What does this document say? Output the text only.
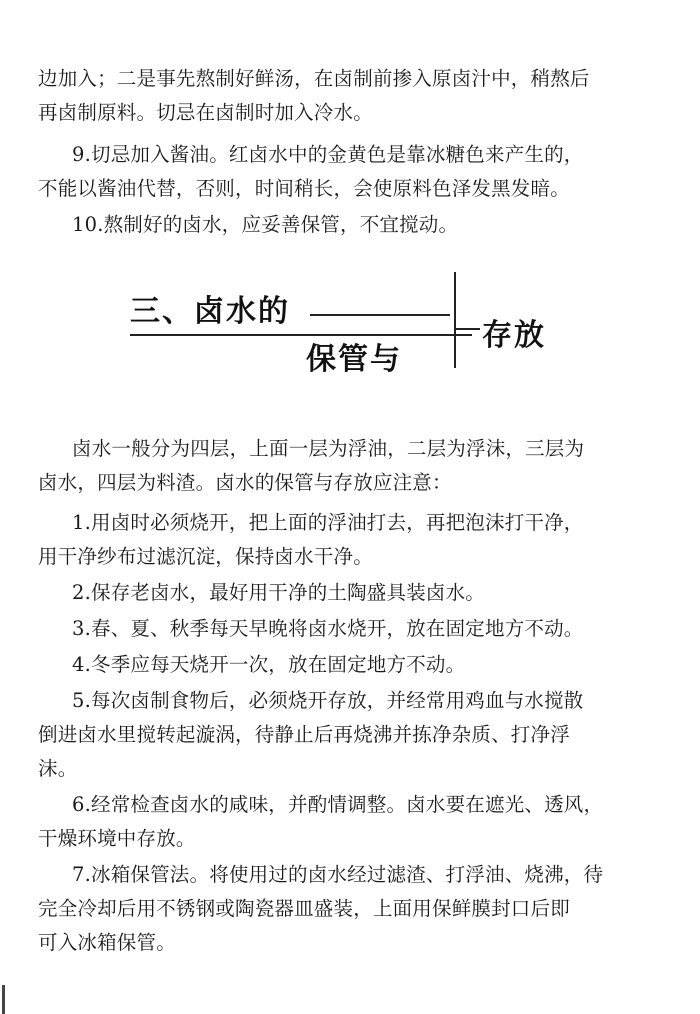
边加入；二是事先熬制好鲜汤，在卤制前掺入原卤汁中，稍熬后
再卤制原料。切忌在卤制时加入冷水。

9.切忌加入酱油。红卤水中的金黄色是靠冰糖色来产生的，
不能以酱油代替，否则，时间稍长，会使原料色泽发黑发暗。

10.熬制好的卤水，应妥善保管，不宜搅动。

三、卤水的
保管与
存放

卤水一般分为四层，上面一层为浮油，二层为浮沫，三层为
卤水，四层为料渣。卤水的保管与存放应注意：

1.用卤时必须烧开，把上面的浮油打去，再把泡沫打干净，
用干净纱布过滤沉淀，保持卤水干净。

2.保存老卤水，最好用干净的土陶盛具装卤水。

3.春、夏、秋季每天早晚将卤水烧开，放在固定地方不动。

4.冬季应每天烧开一次，放在固定地方不动。

5.每次卤制食物后，必须烧开存放，并经常用鸡血与水搅散
倒进卤水里搅转起漩涡，待静止后再烧沸并拣净杂质、打净浮
沫。

6.经常检查卤水的咸味，并酌情调整。卤水要在遮光、透风，
干燥环境中存放。

7.冰箱保管法。将使用过的卤水经过滤渣、打浮油、烧沸，待
完全冷却后用不锈钢或陶瓷器皿盛装，上面用保鲜膜封口后即
可入冰箱保管。
